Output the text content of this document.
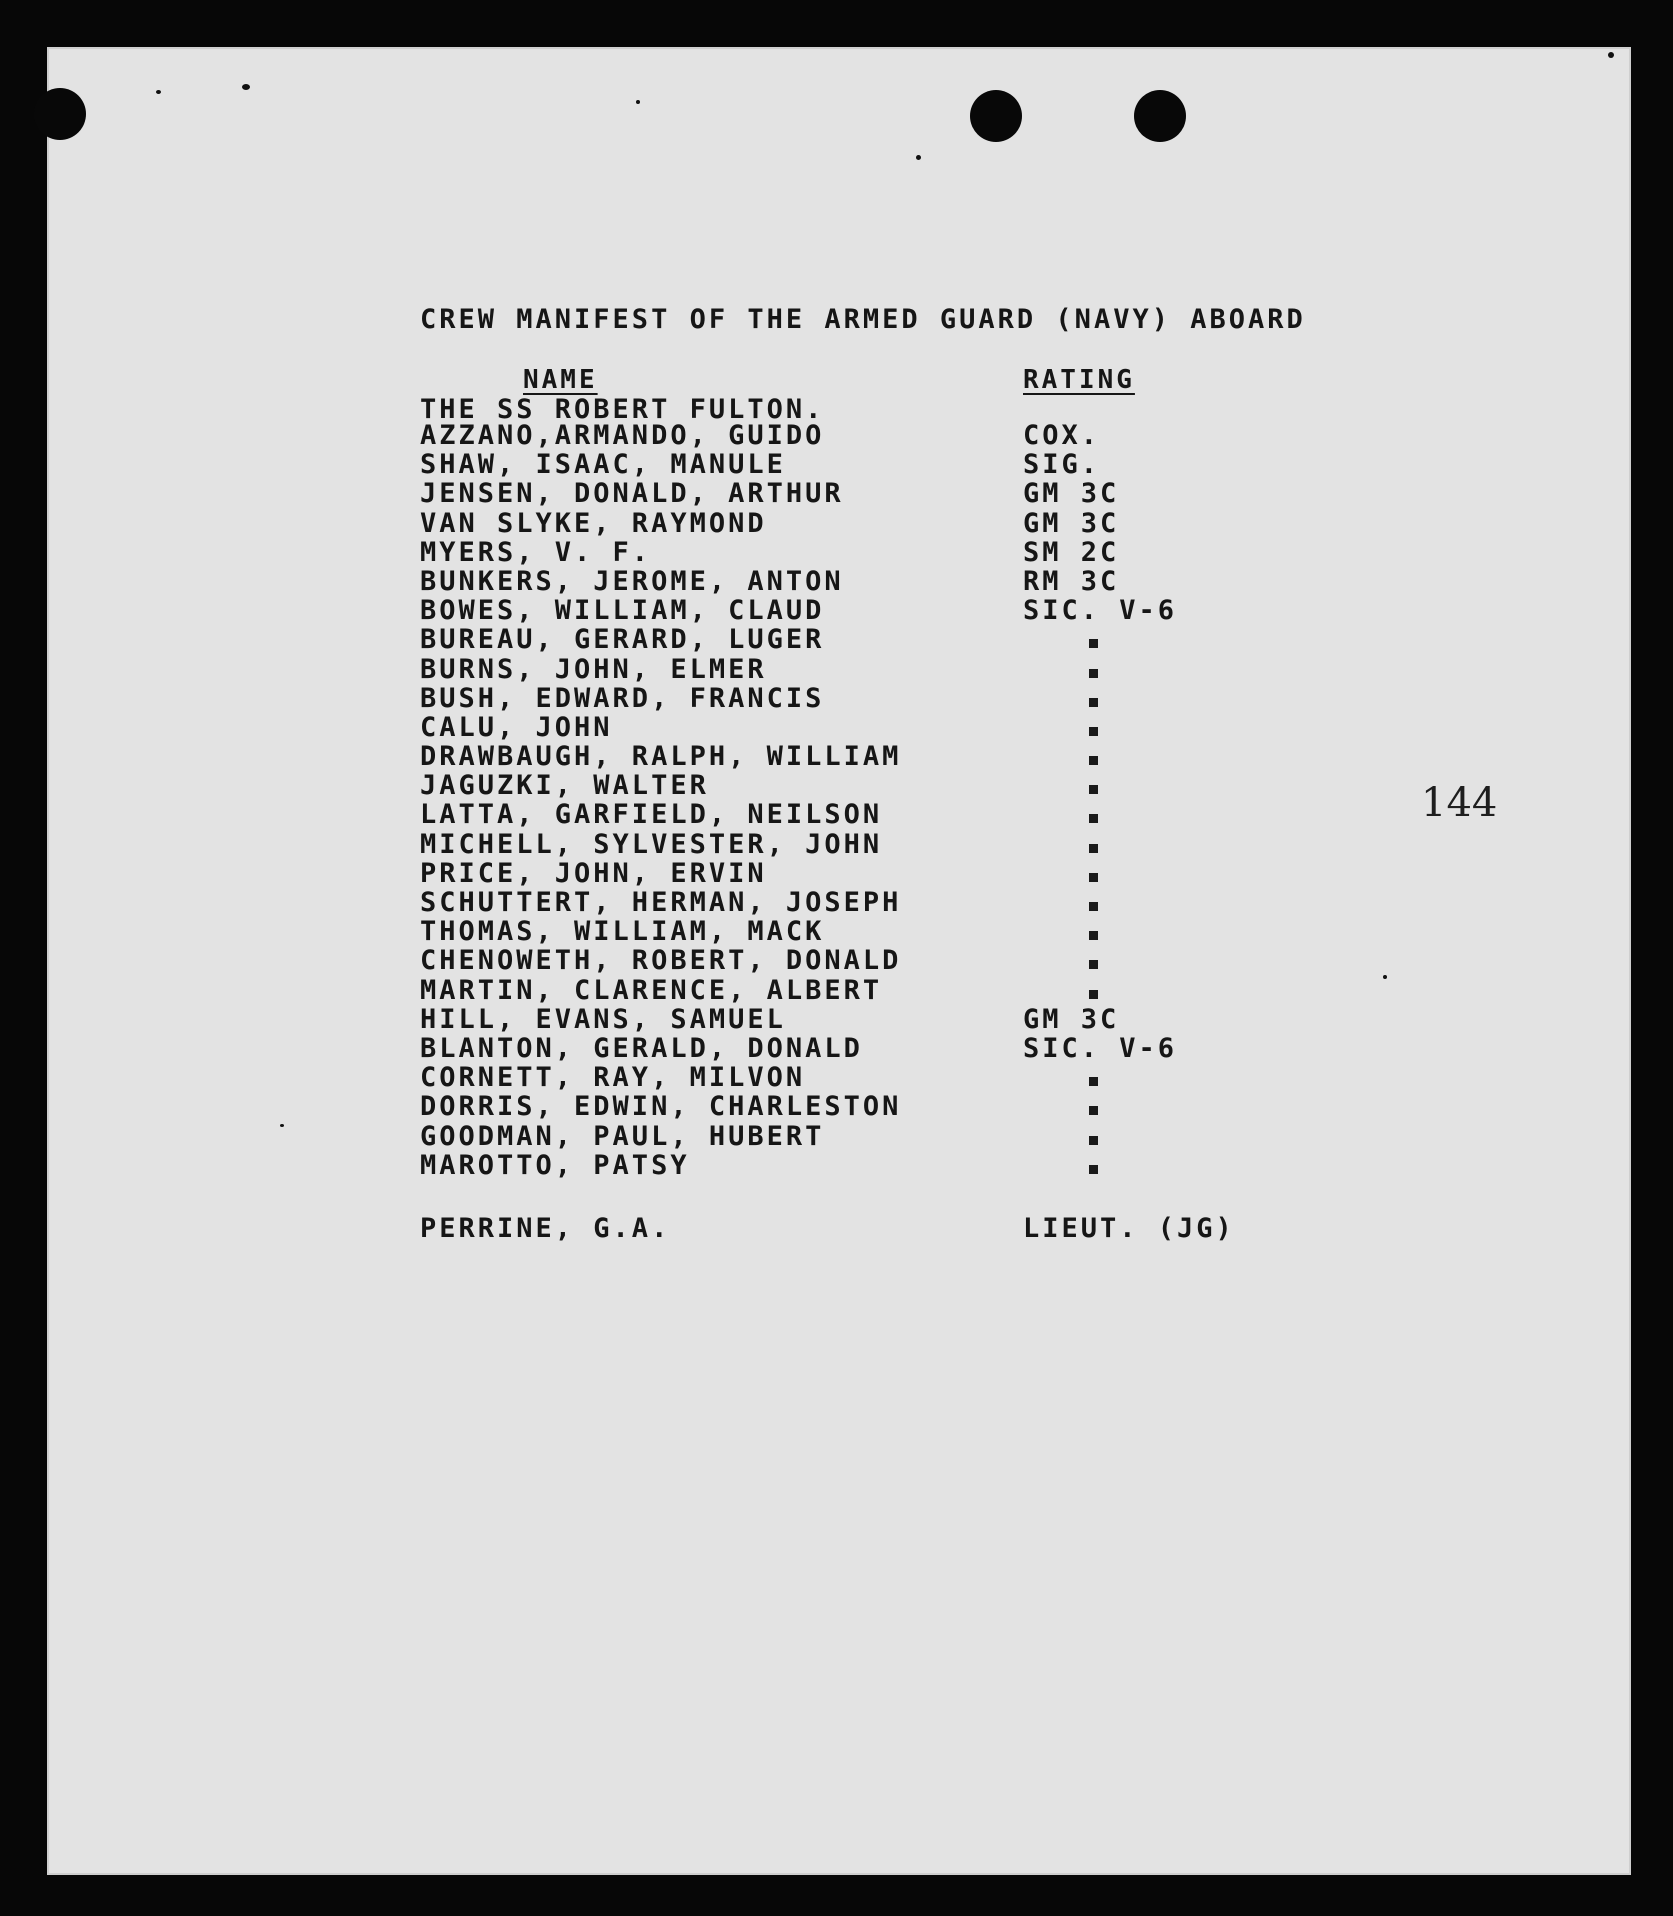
CREW MANIFEST OF THE ARMED GUARD (NAVY) ABOARD

THE SS ROBERT FULTON.

NAME	RATING
AZZANO,ARMANDO, GUIDO
SHAW, ISAAC, MANULE
JENSEN, DONALD, ARTHUR
VAN SLYKE, RAYMOND
MYERS, V. F.
BUNKERS, JEROME, ANTON
BOWES, WILLIAM, CLAUD
BUREAU, GERARD, LUGER
BURNS, JOHN, ELMER
BUSH, EDWARD, FRANCIS
CALU, JOHN
DRAWBAUGH, RALPH, WILLIAM
JAGUZKI, WALTER
LATTA, GARFIELD, NEILSON
MICHELL, SYLVESTER, JOHN
PRICE, JOHN, ERVIN
SCHUTTERT, HERMAN, JOSEPH
THOMAS, WILLIAM, MACK
CHENOWETH, ROBERT, DONALD
MARTIN, CLARENCE, ALBERT
HILL, EVANS, SAMUEL
BLANTON, GERALD, DONALD
CORNETT, RAY, MILVON
DORRIS, EDWIN, CHARLESTON
GOODMAN, PAUL, HUBERT
MAROTTO, PATSY
COX.
SIG.
GM 3C
GM 3C
SM 2C
RM 3C
SIC. V-6
GM 3C
SIC. V-6
PERRINE, G.A.	LIEUT. (JG)
144
